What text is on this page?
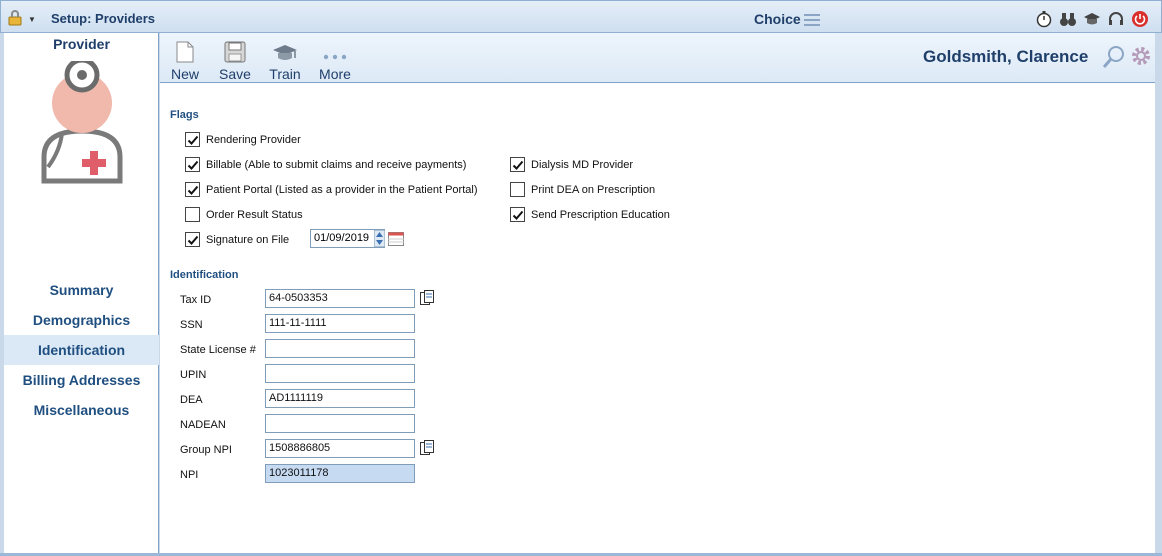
▼ Setup: Providers	Choice
Provider
Summary
Demographics
Identification
Billing Addresses
Miscellaneous
New	Save	Train	More
Goldsmith, Clarence
Flags
Rendering Provider
Billable (Able to submit claims and receive payments)
Patient Portal (Listed as a provider in the Patient Portal)
Order Result Status
Signature on File	01/09/2019
Dialysis MD Provider
Print DEA on Prescription
Send Prescription Education
Identification
Tax ID	64-0503353
SSN	111-11-1111
State License #
UPIN
DEA	AD1111119
NADEAN
Group NPI	1508886805
NPI	1023011178
